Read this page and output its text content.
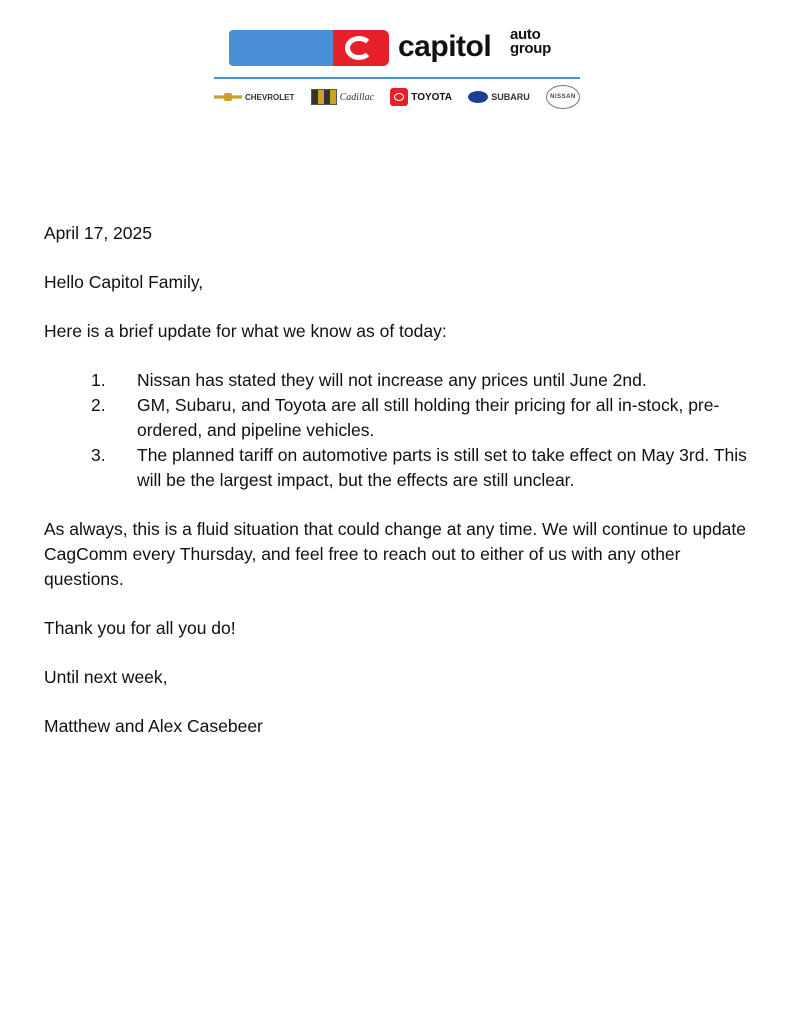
capitol auto
group
CHEVROLET	Cadillac	TOYOTA	SUBARU	NISSAN

April 17, 2025

Hello Capitol Family,

Here is a brief update for what we know as of today:

1. Nissan has stated they will not increase any prices until June 2nd.
2. GM, Subaru, and Toyota are all still holding their pricing for all in-stock, pre-ordered, and pipeline vehicles.
3. The planned tariff on automotive parts is still set to take effect on May 3rd. This will be the largest impact, but the effects are still unclear.

As always, this is a fluid situation that could change at any time. We will continue to update CagComm every Thursday, and feel free to reach out to either of us with any other questions.

Thank you for all you do!

Until next week,

Matthew and Alex Casebeer
